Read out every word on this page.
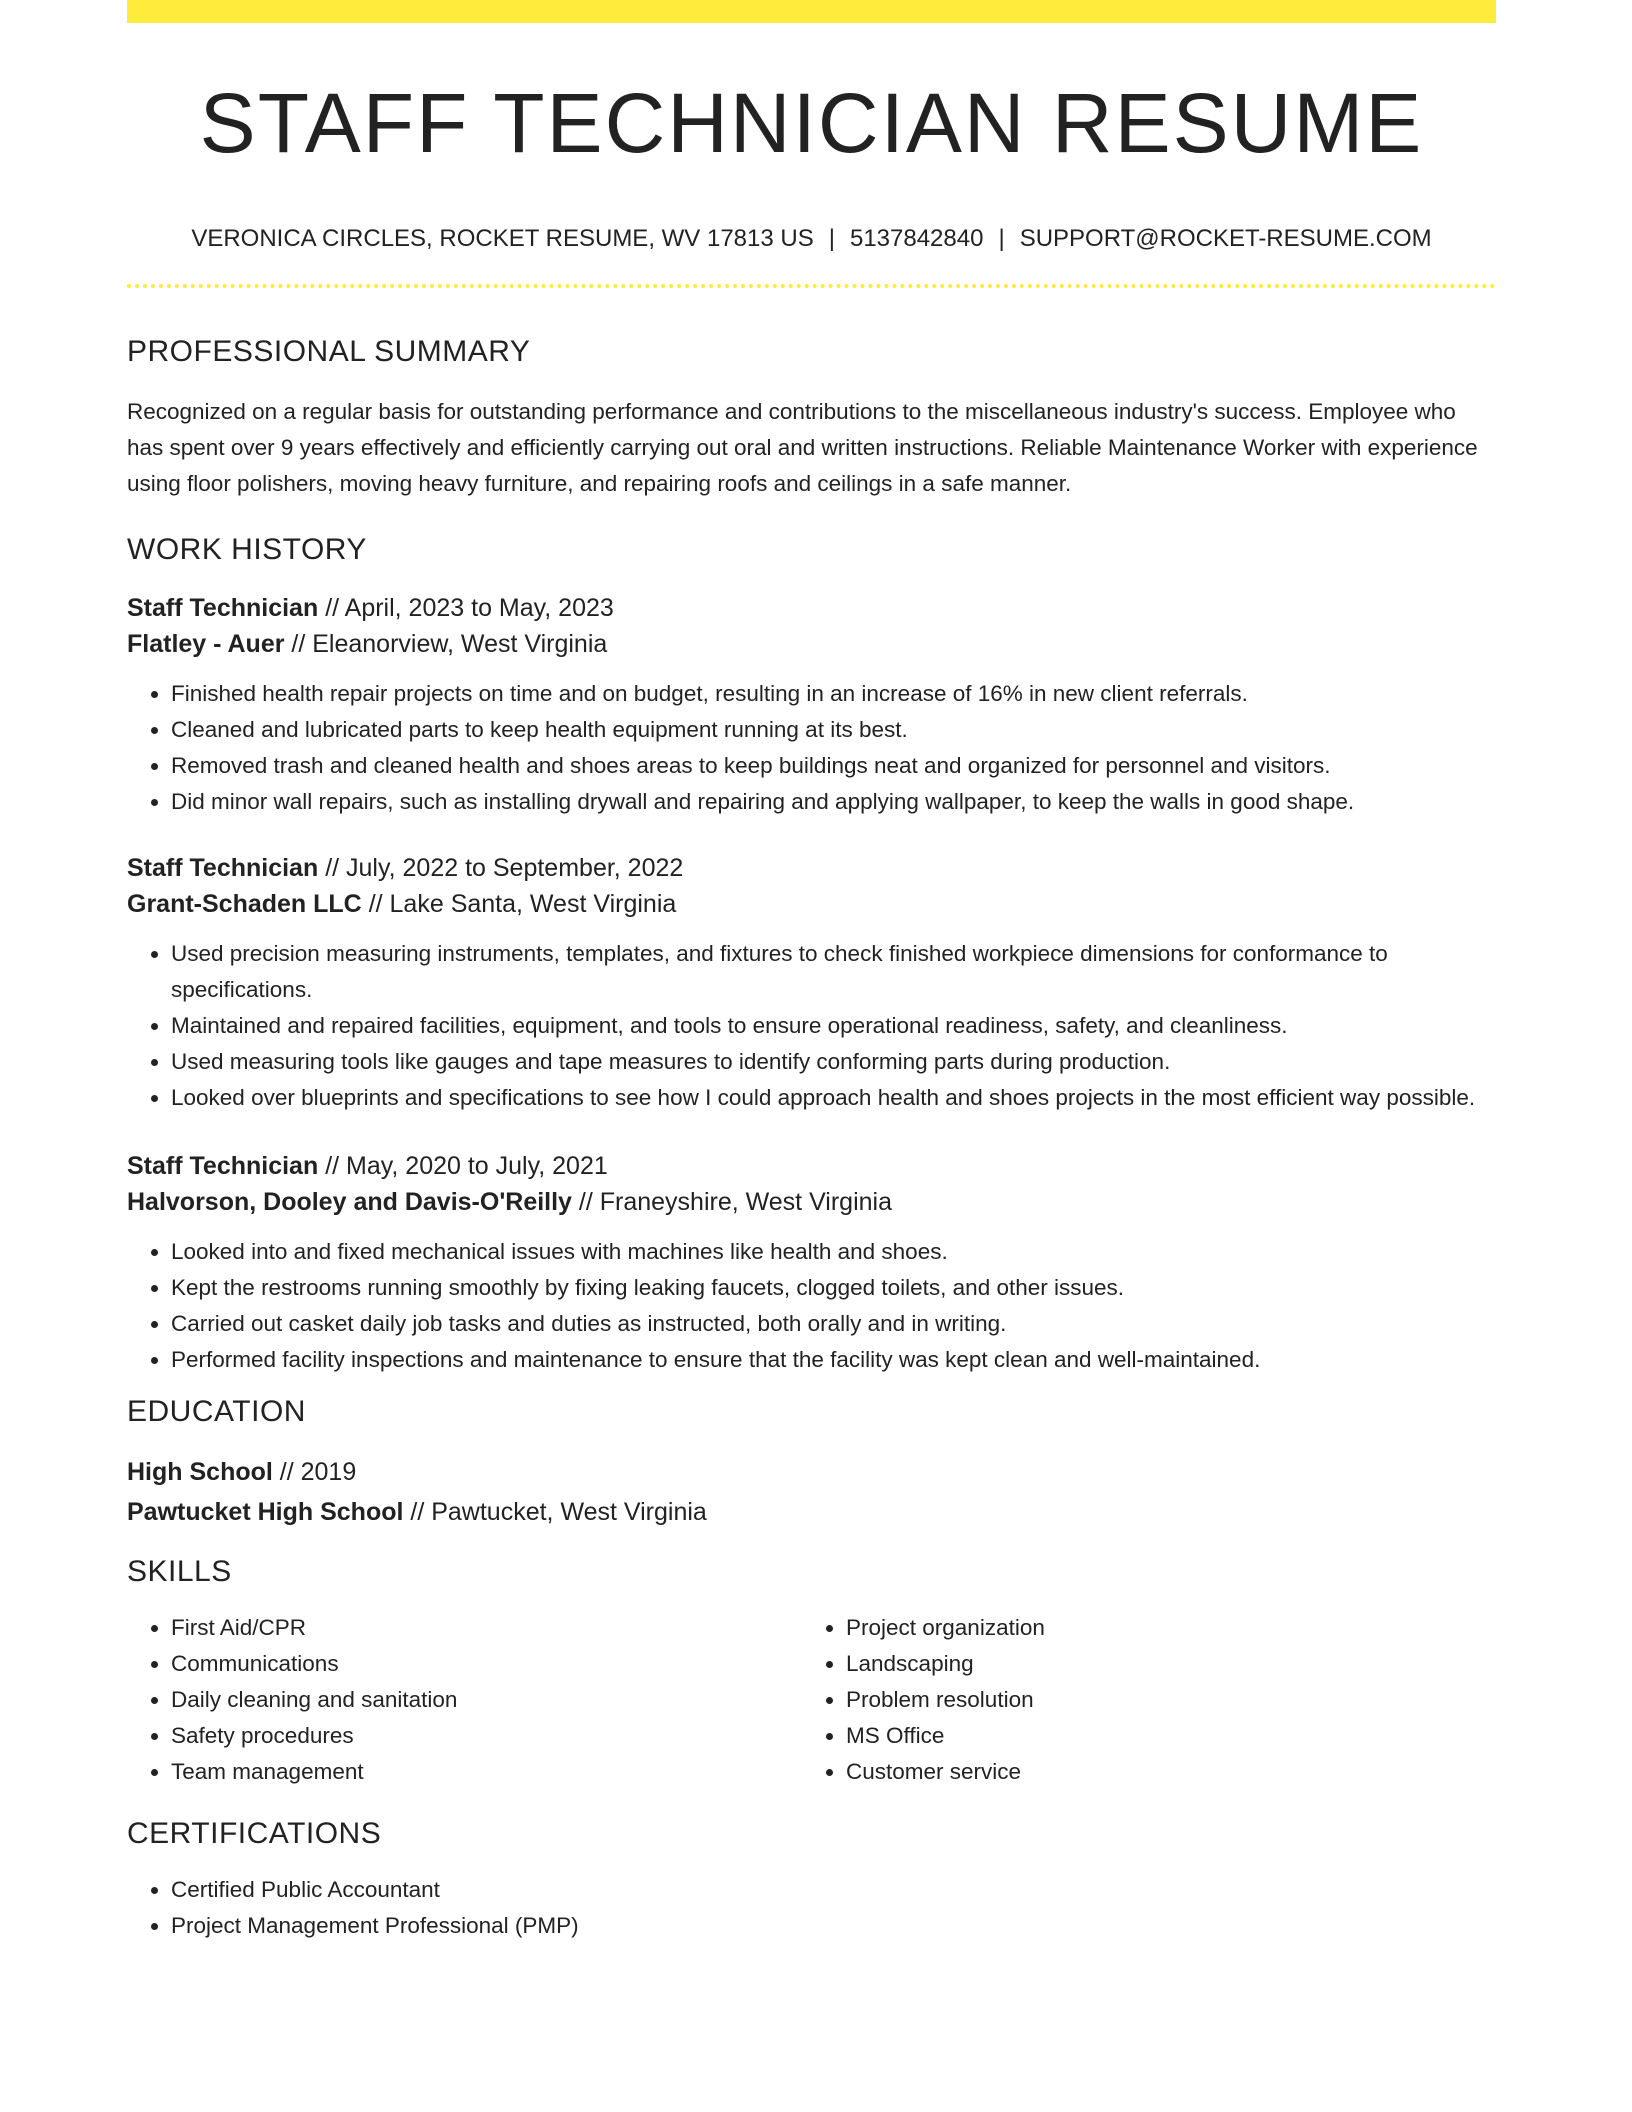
STAFF TECHNICIAN RESUME
VERONICA CIRCLES, ROCKET RESUME, WV 17813 US | 5137842840 | SUPPORT@ROCKET-RESUME.COM
PROFESSIONAL SUMMARY
Recognized on a regular basis for outstanding performance and contributions to the miscellaneous industry's success. Employee who has spent over 9 years effectively and efficiently carrying out oral and written instructions. Reliable Maintenance Worker with experience using floor polishers, moving heavy furniture, and repairing roofs and ceilings in a safe manner.
WORK HISTORY
Staff Technician // April, 2023 to May, 2023
Flatley - Auer // Eleanorview, West Virginia
• Finished health repair projects on time and on budget, resulting in an increase of 16% in new client referrals.
• Cleaned and lubricated parts to keep health equipment running at its best.
• Removed trash and cleaned health and shoes areas to keep buildings neat and organized for personnel and visitors.
• Did minor wall repairs, such as installing drywall and repairing and applying wallpaper, to keep the walls in good shape.
Staff Technician // July, 2022 to September, 2022
Grant-Schaden LLC // Lake Santa, West Virginia
• Used precision measuring instruments, templates, and fixtures to check finished workpiece dimensions for conformance to specifications.
• Maintained and repaired facilities, equipment, and tools to ensure operational readiness, safety, and cleanliness.
• Used measuring tools like gauges and tape measures to identify conforming parts during production.
• Looked over blueprints and specifications to see how I could approach health and shoes projects in the most efficient way possible.
Staff Technician // May, 2020 to July, 2021
Halvorson, Dooley and Davis-O'Reilly // Franeyshire, West Virginia
• Looked into and fixed mechanical issues with machines like health and shoes.
• Kept the restrooms running smoothly by fixing leaking faucets, clogged toilets, and other issues.
• Carried out casket daily job tasks and duties as instructed, both orally and in writing.
• Performed facility inspections and maintenance to ensure that the facility was kept clean and well-maintained.
EDUCATION
High School // 2019
Pawtucket High School // Pawtucket, West Virginia
SKILLS
• First Aid/CPR
• Communications
• Daily cleaning and sanitation
• Safety procedures
• Team management
• Project organization
• Landscaping
• Problem resolution
• MS Office
• Customer service
CERTIFICATIONS
• Certified Public Accountant
• Project Management Professional (PMP)
